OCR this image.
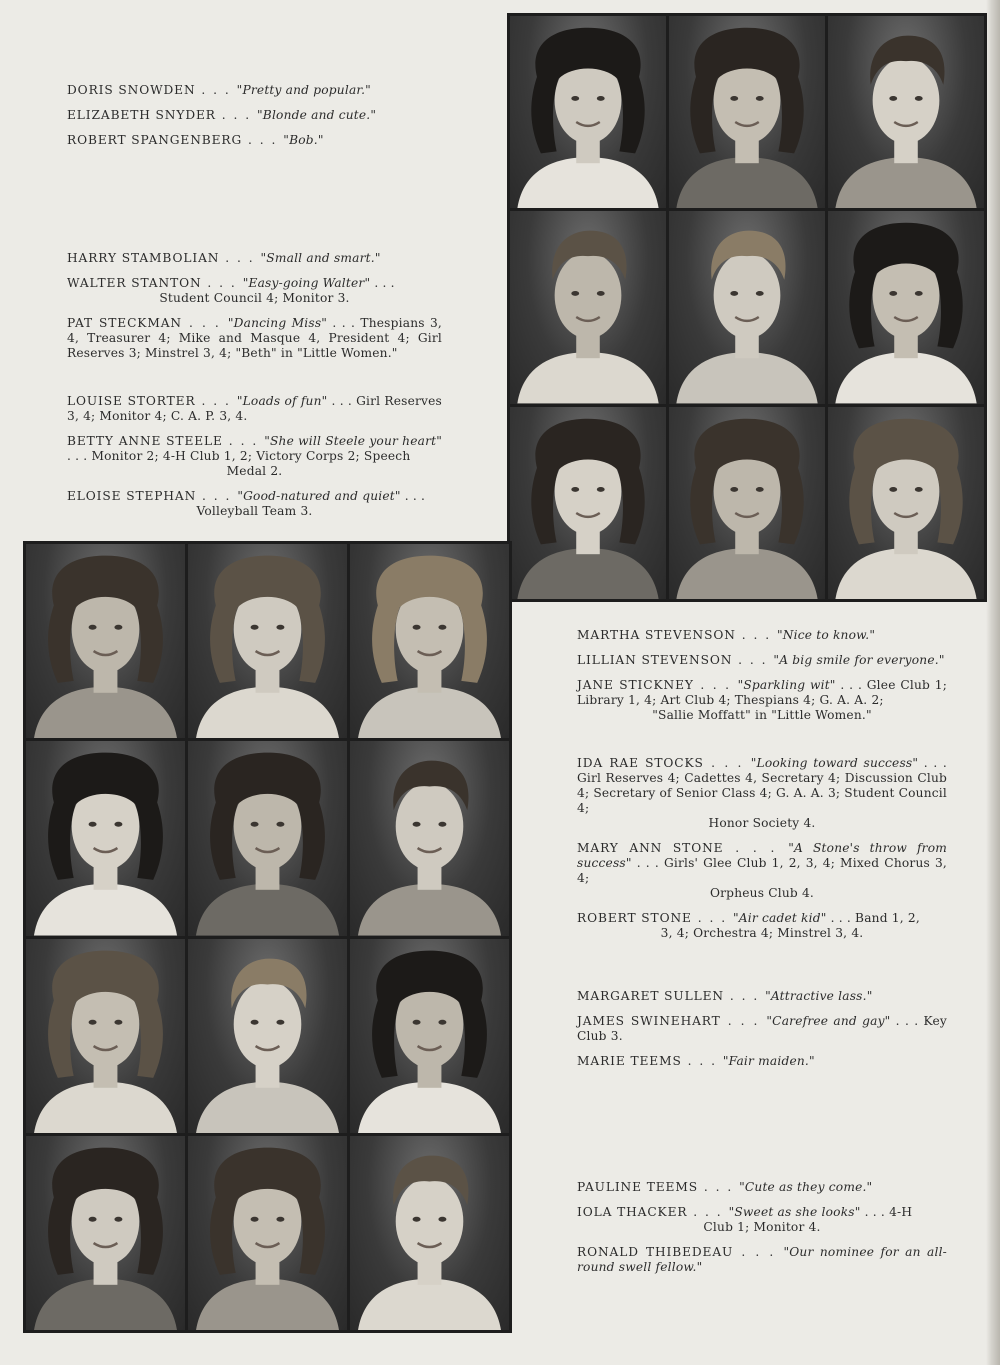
DORIS SNOWDEN . . . "Pretty and popular."

ELIZABETH SNYDER . . . "Blonde and cute."

ROBERT SPANGENBERG . . . "Bob."

HARRY STAMBOLIAN . . . "Small and smart."

WALTER STANTON . . . "Easy-going Walter" . . .
Student Council 4; Monitor 3.

PAT STECKMAN . . . "Dancing Miss" . . . Thespians 3, 4, Treasurer 4; Mike and Masque 4, President 4; Girl Reserves 3; Minstrel 3, 4; "Beth" in "Little Women."

LOUISE STORTER . . . "Loads of fun" . . . Girl Reserves 3, 4; Monitor 4; C. A. P. 3, 4.

BETTY ANNE STEELE . . . "She will Steele your heart" . . . Monitor 2; 4-H Club 1, 2; Victory Corps 2; Speech
Medal 2.

ELOISE STEPHAN . . . "Good-natured and quiet" . . .
Volleyball Team 3.

MARTHA STEVENSON . . . "Nice to know."

LILLIAN STEVENSON . . . "A big smile for everyone."

JANE STICKNEY . . . "Sparkling wit" . . . Glee Club 1; Library 1, 4; Art Club 4; Thespians 4; G. A. A. 2;
"Sallie Moffatt" in "Little Women."

IDA RAE STOCKS . . . "Looking toward success" . . . Girl Reserves 4; Cadettes 4, Secretary 4; Discussion Club 4; Secretary of Senior Class 4; G. A. A. 3; Student Council 4;
Honor Society 4.

MARY ANN STONE . . . "A Stone's throw from success" . . . Girls' Glee Club 1, 2, 3, 4; Mixed Chorus 3, 4;
Orpheus Club 4.

ROBERT STONE . . . "Air cadet kid" . . . Band 1, 2,
3, 4; Orchestra 4; Minstrel 3, 4.

MARGARET SULLEN . . . "Attractive lass."

JAMES SWINEHART . . . "Carefree and gay" . . . Key Club 3.

MARIE TEEMS . . . "Fair maiden."

PAULINE TEEMS . . . "Cute as they come."

IOLA THACKER . . . "Sweet as she looks" . . . 4-H
Club 1; Monitor 4.

RONALD THIBEDEAU . . . "Our nominee for an all-round swell fellow."
